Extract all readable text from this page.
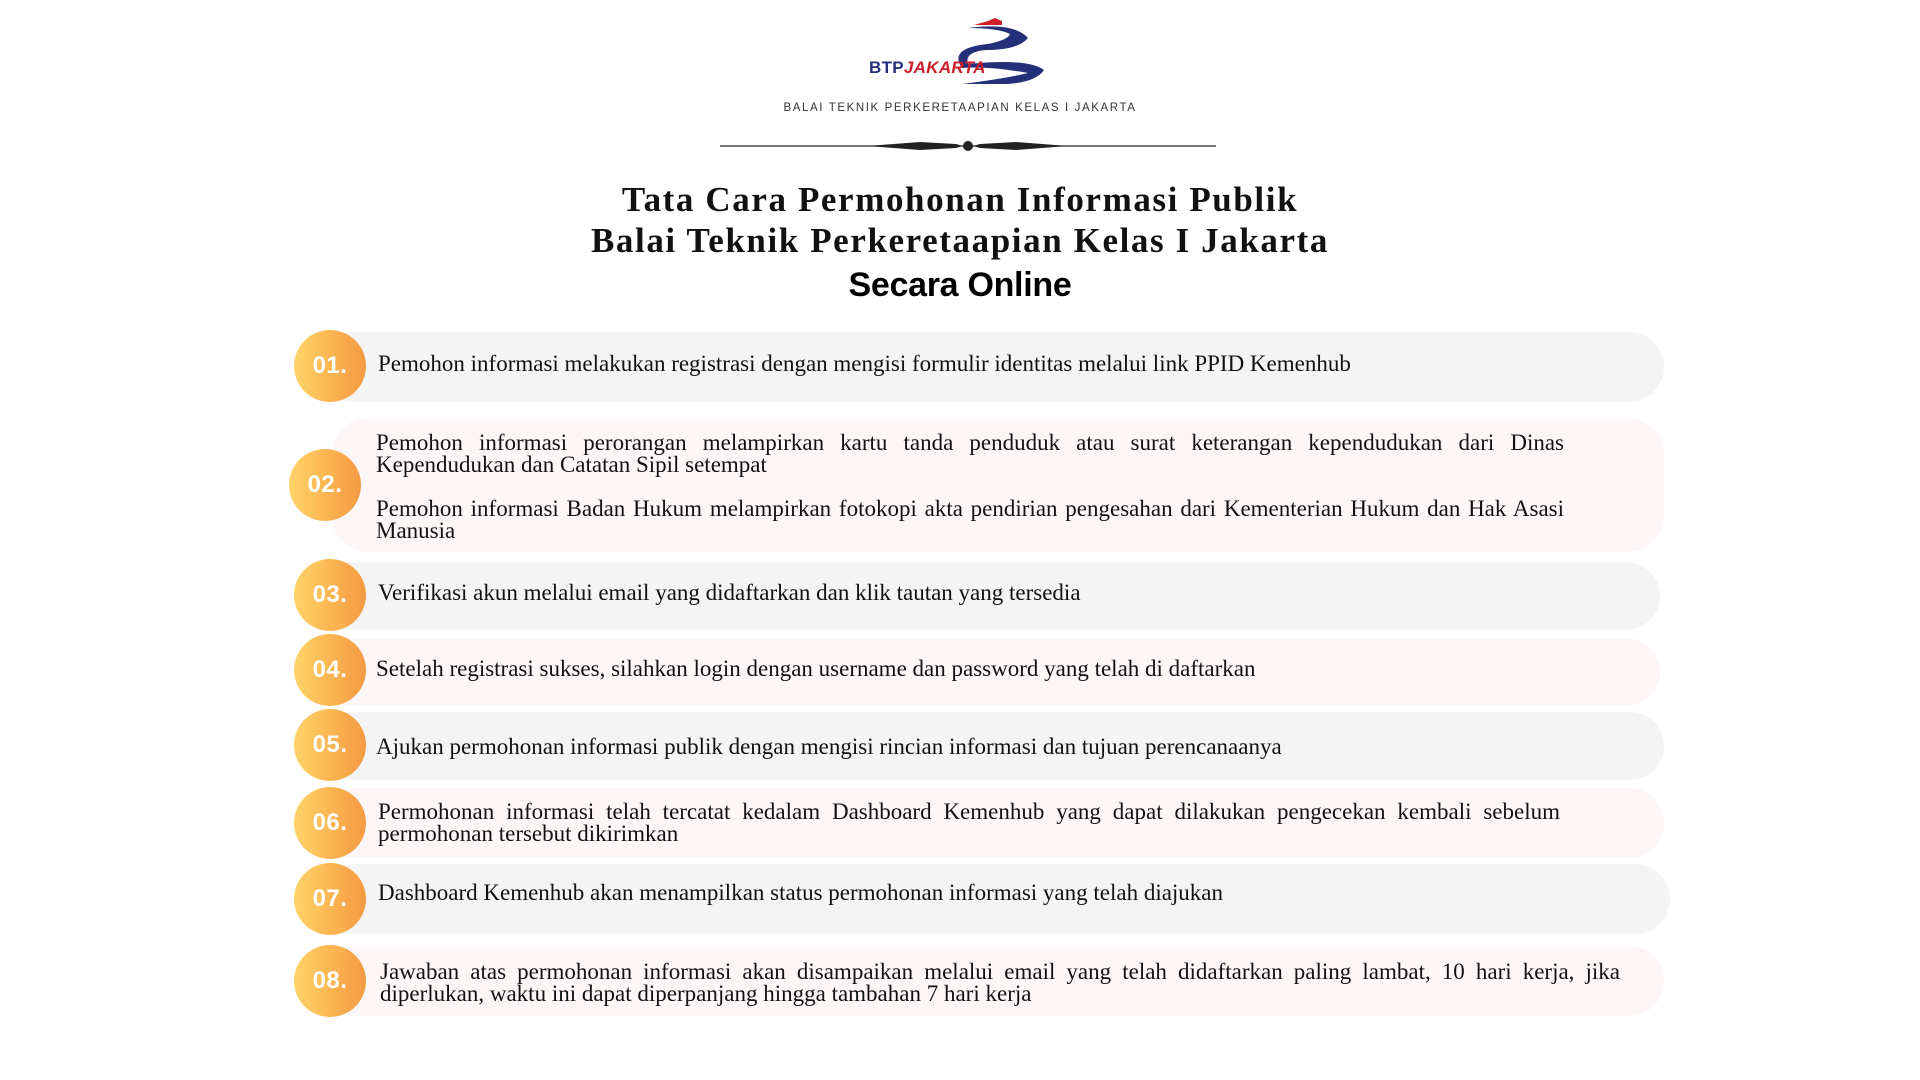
BTPJAKARTA
BALAI TEKNIK PERKERETAAPIAN KELAS I JAKARTA
Tata Cara Permohonan Informasi Publik
Balai Teknik Perkeretaapian Kelas I Jakarta
Secara Online
01.	Pemohon informasi melakukan registrasi dengan mengisi formulir identitas melalui link PPID Kemenhub
02.
Pemohon informasi perorangan melampirkan kartu tanda penduduk atau surat keterangan kependudukan dari Dinas Kependudukan dan Catatan Sipil setempat
Pemohon informasi Badan Hukum melampirkan fotokopi akta pendirian pengesahan dari Kementerian Hukum dan Hak Asasi Manusia
03.	Verifikasi akun melalui email yang didaftarkan dan klik tautan yang tersedia
04.	Setelah registrasi sukses, silahkan login dengan username dan password yang telah di daftarkan
05.	Ajukan permohonan informasi publik dengan mengisi rincian informasi dan tujuan perencanaanya
06.	Permohonan informasi telah tercatat kedalam Dashboard Kemenhub yang dapat dilakukan pengecekan kembali sebelum permohonan tersebut dikirimkan
07.	Dashboard Kemenhub akan menampilkan status permohonan informasi yang telah diajukan
08.	Jawaban atas permohonan informasi akan disampaikan melalui email yang telah didaftarkan paling lambat, 10 hari kerja, jika diperlukan, waktu ini dapat diperpanjang hingga tambahan 7 hari kerja
